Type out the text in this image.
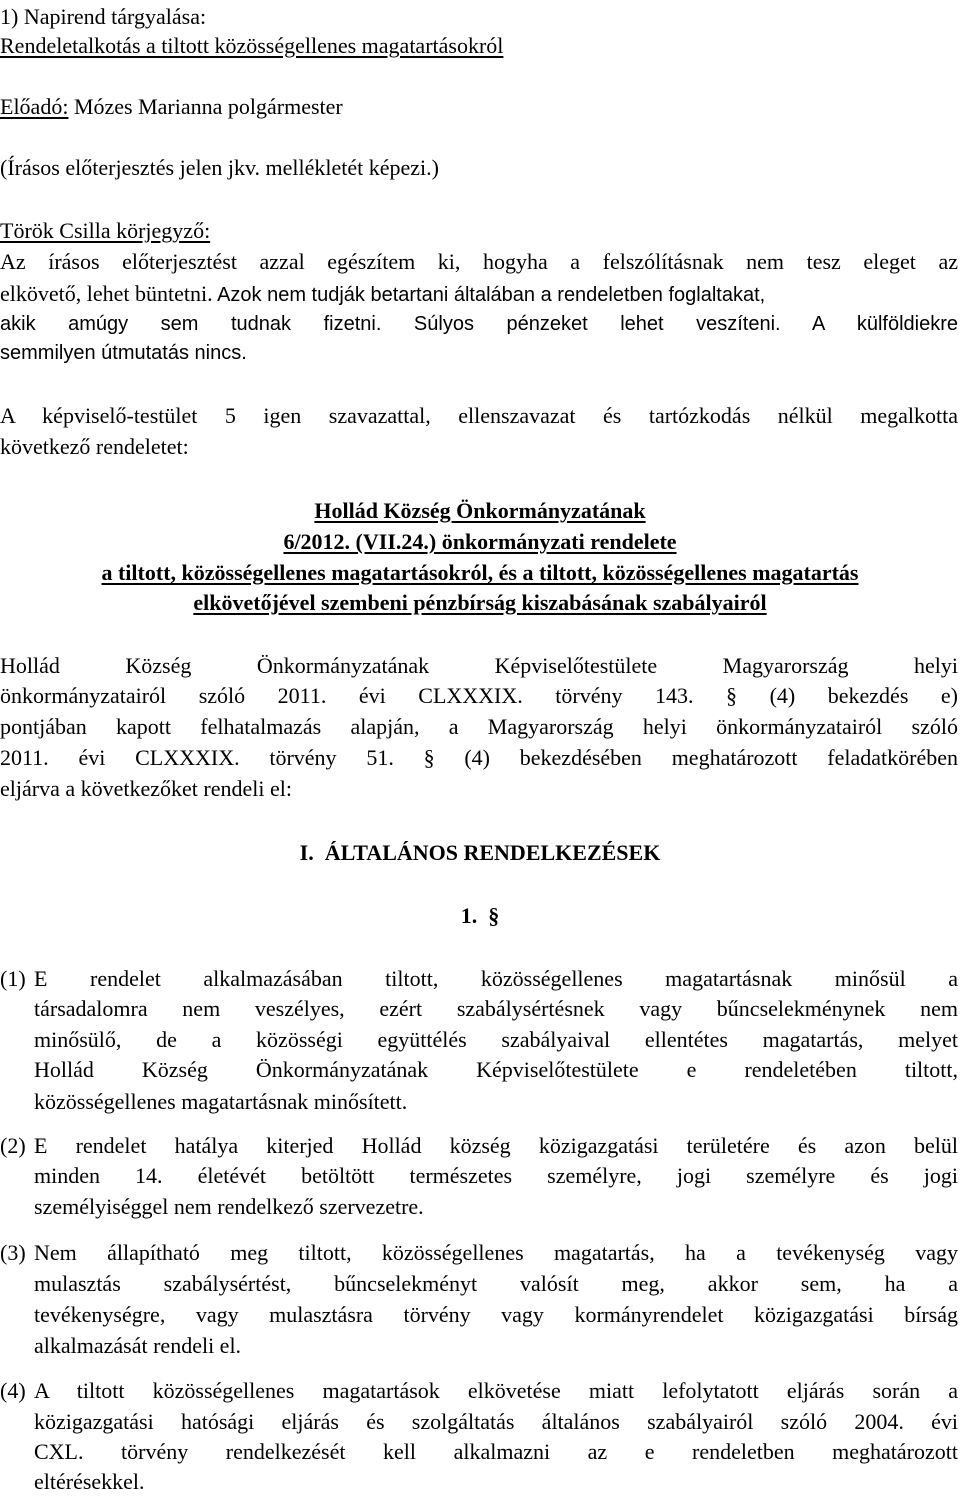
1) Napirend tárgyalása:
Rendeletalkotás a tiltott közösségellenes magatartásokról
Előadó: Mózes Marianna polgármester
(Írásos előterjesztés jelen jkv. mellékletét képezi.)
Török Csilla körjegyző:
Az írásos előterjesztést azzal egészítem ki, hogyha a felszólításnak nem tesz eleget az
elkövető, lehet büntetni. Azok nem tudják betartani általában a rendeletben foglaltakat,
akik amúgy sem tudnak fizetni. Súlyos pénzeket lehet veszíteni. A külföldiekre
semmilyen útmutatás nincs.
A képviselő-testület 5 igen szavazattal, ellenszavazat és tartózkodás nélkül megalkotta
következő rendeletet:
Hollád Község Önkormányzatának
6/2012. (VII.24.) önkormányzati rendelete
a tiltott, közösségellenes magatartásokról, és a tiltott, közösségellenes magatartás
elkövetőjével szembeni pénzbírság kiszabásának szabályairól
Hollád Község Önkormányzatának Képviselőtestülete Magyarország helyi
önkormányzatairól szóló 2011. évi CLXXXIX. törvény 143. § (4) bekezdés e)
pontjában kapott felhatalmazás alapján, a Magyarország helyi önkormányzatairól szóló
2011. évi CLXXXIX. törvény 51. § (4) bekezdésében meghatározott feladatkörében
eljárva a következőket rendeli el:
I.  ÁLTALÁNOS RENDELKEZÉSEK
1.  §
(1) E rendelet alkalmazásában tiltott, közösségellenes magatartásnak minősül a
társadalomra nem veszélyes, ezért szabálysértésnek vagy bűncselekménynek nem
minősülő, de a közösségi együttélés szabályaival ellentétes magatartás, melyet
Hollád Község Önkormányzatának Képviselőtestülete e rendeletében tiltott,
közösségellenes magatartásnak minősített.
(2) E rendelet hatálya kiterjed Hollád község közigazgatási területére és azon belül
minden 14. életévét betöltött természetes személyre, jogi személyre és jogi
személyiséggel nem rendelkező szervezetre.
(3) Nem állapítható meg tiltott, közösségellenes magatartás, ha a tevékenység vagy
mulasztás szabálysértést, bűncselekményt valósít meg, akkor sem, ha a
tevékenységre, vagy mulasztásra törvény vagy kormányrendelet közigazgatási bírság
alkalmazását rendeli el.
(4) A tiltott közösségellenes magatartások elkövetése miatt lefolytatott eljárás során a
közigazgatási hatósági eljárás és szolgáltatás általános szabályairól szóló 2004. évi
CXL. törvény rendelkezését kell alkalmazni az e rendeletben meghatározott
eltérésekkel.
